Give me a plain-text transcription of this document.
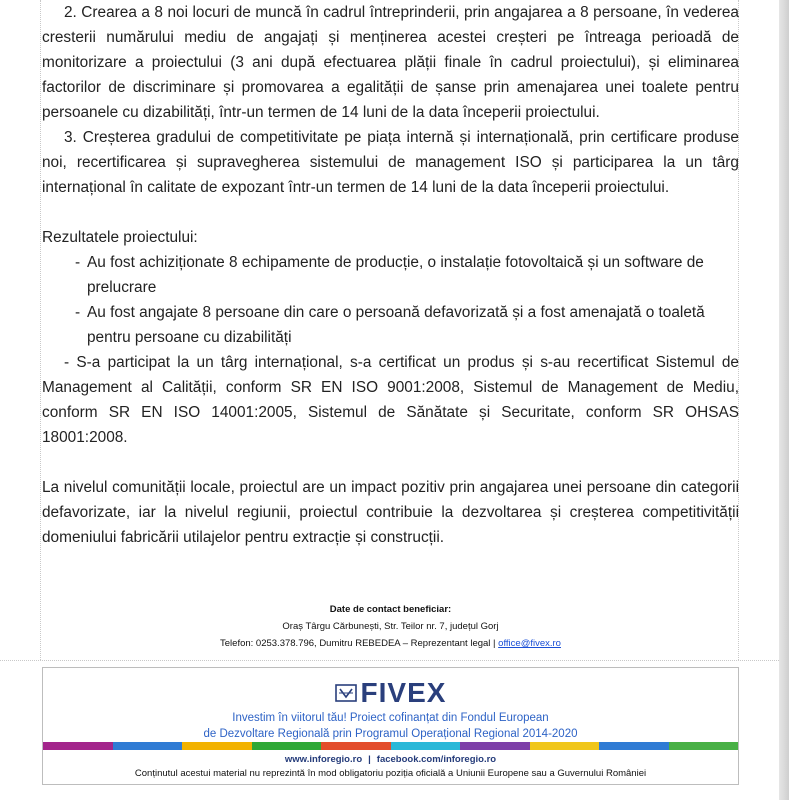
2. Crearea a 8 noi locuri de muncă în cadrul întreprinderii, prin angajarea a 8 persoane, în vederea cresterii numărului mediu de angajați și menținerea acestei creșteri pe întreaga perioadă de monitorizare a proiectului (3 ani după efectuarea plății finale în cadrul proiectului), și eliminarea factorilor de discriminare și promovarea a egalității de șanse prin amenajarea unei toalete pentru persoanele cu dizabilități, într-un termen de 14 luni de la data începerii proiectului.

3. Creșterea gradului de competitivitate pe piața internă și internațională, prin certificare produse noi, recertificarea și supravegherea sistemului de management ISO și participarea la un târg internațional în calitate de expozant într-un termen de 14 luni de la data începerii proiectului.

Rezultatele proiectului:

- Au fost achiziționate 8 echipamente de producție, o instalație fotovoltaică și un software de prelucrare
- Au fost angajate 8 persoane din care o persoană defavorizată și a fost amenajată o toaletă pentru persoane cu dizabilități

- S-a participat la un târg internațional, s-a certificat un produs și s-au recertificat Sistemul de Management al Calității, conform SR EN ISO 9001:2008, Sistemul de Management de Mediu, conform SR EN ISO 14001:2005, Sistemul de Sănătate și Securitate, conform SR OHSAS 18001:2008.

La nivelul comunității locale, proiectul are un impact pozitiv prin angajarea unei persoane din categorii defavorizate, iar la nivelul regiunii, proiectul contribuie la dezvoltarea și creșterea competitivității domeniului fabricării utilajelor pentru extracție și construcții.

Date de contact beneficiar:
Oraș Târgu Cărbunești, Str. Teilor nr. 7, județul Gorj
Telefon: 0253.378.796, Dumitru REBEDEA – Reprezentant legal | office@fivex.ro
FIVEX
Investim în viitorul tău! Proiect cofinanțat din Fondul European
de Dezvoltare Regională prin Programul Operațional Regional 2014-2020
www.inforegio.ro | facebook.com/inforegio.ro
Conținutul acestui material nu reprezintă în mod obligatoriu poziția oficială a Uniunii Europene sau a Guvernului României
